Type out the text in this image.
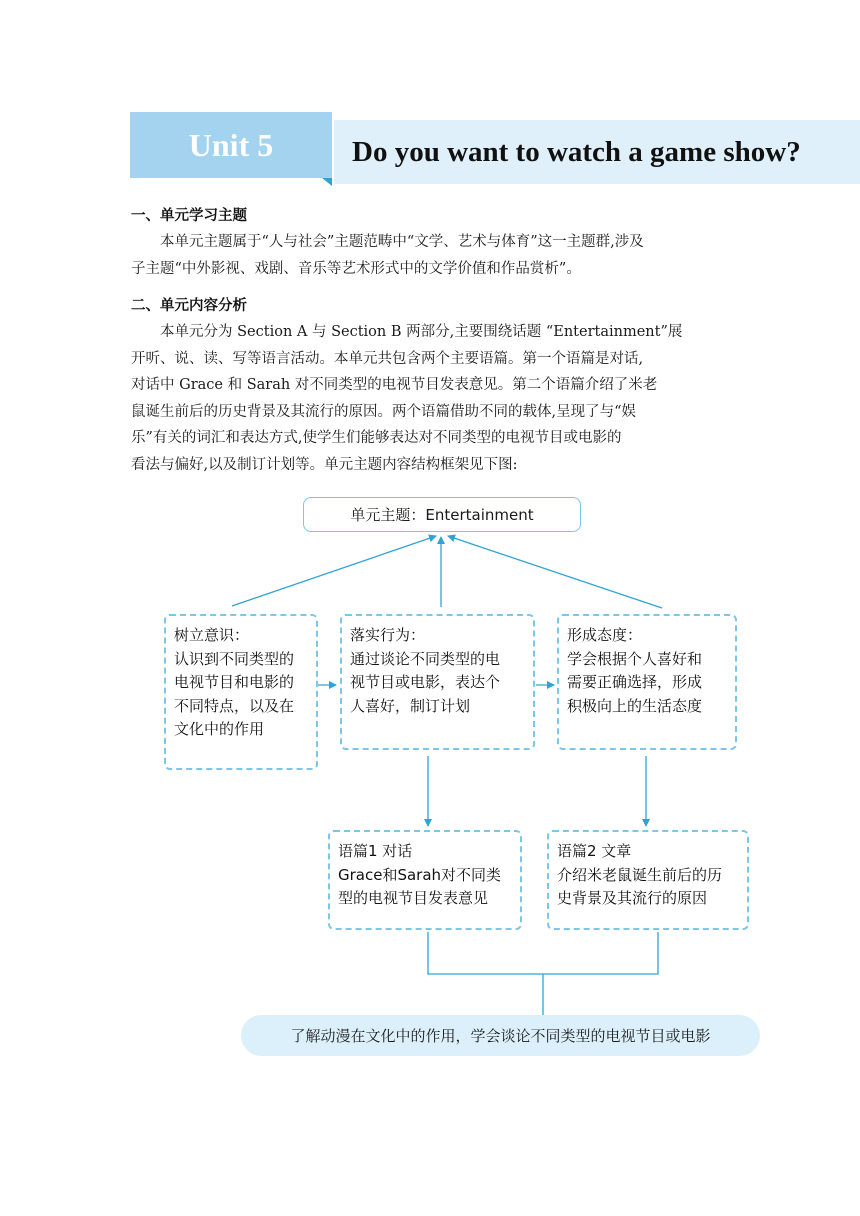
Unit 5	Do you want to watch a game show?
一、单元学习主题
本单元主题属于“人与社会”主题范畴中“文学、艺术与体育”这一主题群,涉及
子主题“中外影视、戏剧、音乐等艺术形式中的文学价值和作品赏析”。
二、单元内容分析
本单元分为 Section A 与 Section B 两部分,主要围绕话题 “Entertainment”展
开听、说、读、写等语言活动。本单元共包含两个主要语篇。第一个语篇是对话,
对话中 Grace 和 Sarah 对不同类型的电视节目发表意见。第二个语篇介绍了米老
鼠诞生前后的历史背景及其流行的原因。两个语篇借助不同的载体,呈现了与“娱
乐”有关的词汇和表达方式,使学生们能够表达对不同类型的电视节目或电影的
看法与偏好,以及制订计划等。单元主题内容结构框架见下图:
单元主题：Entertainment
树立意识：
认识到不同类型的
电视节目和电影的
不同特点，以及在
文化中的作用
落实行为：
通过谈论不同类型的电
视节目或电影，表达个
人喜好，制订计划
形成态度：
学会根据个人喜好和
需要正确选择，形成
积极向上的生活态度
语篇1 对话
Grace和Sarah对不同类
型的电视节目发表意见
语篇2 文章
介绍米老鼠诞生前后的历
史背景及其流行的原因
了解动漫在文化中的作用，学会谈论不同类型的电视节目或电影
